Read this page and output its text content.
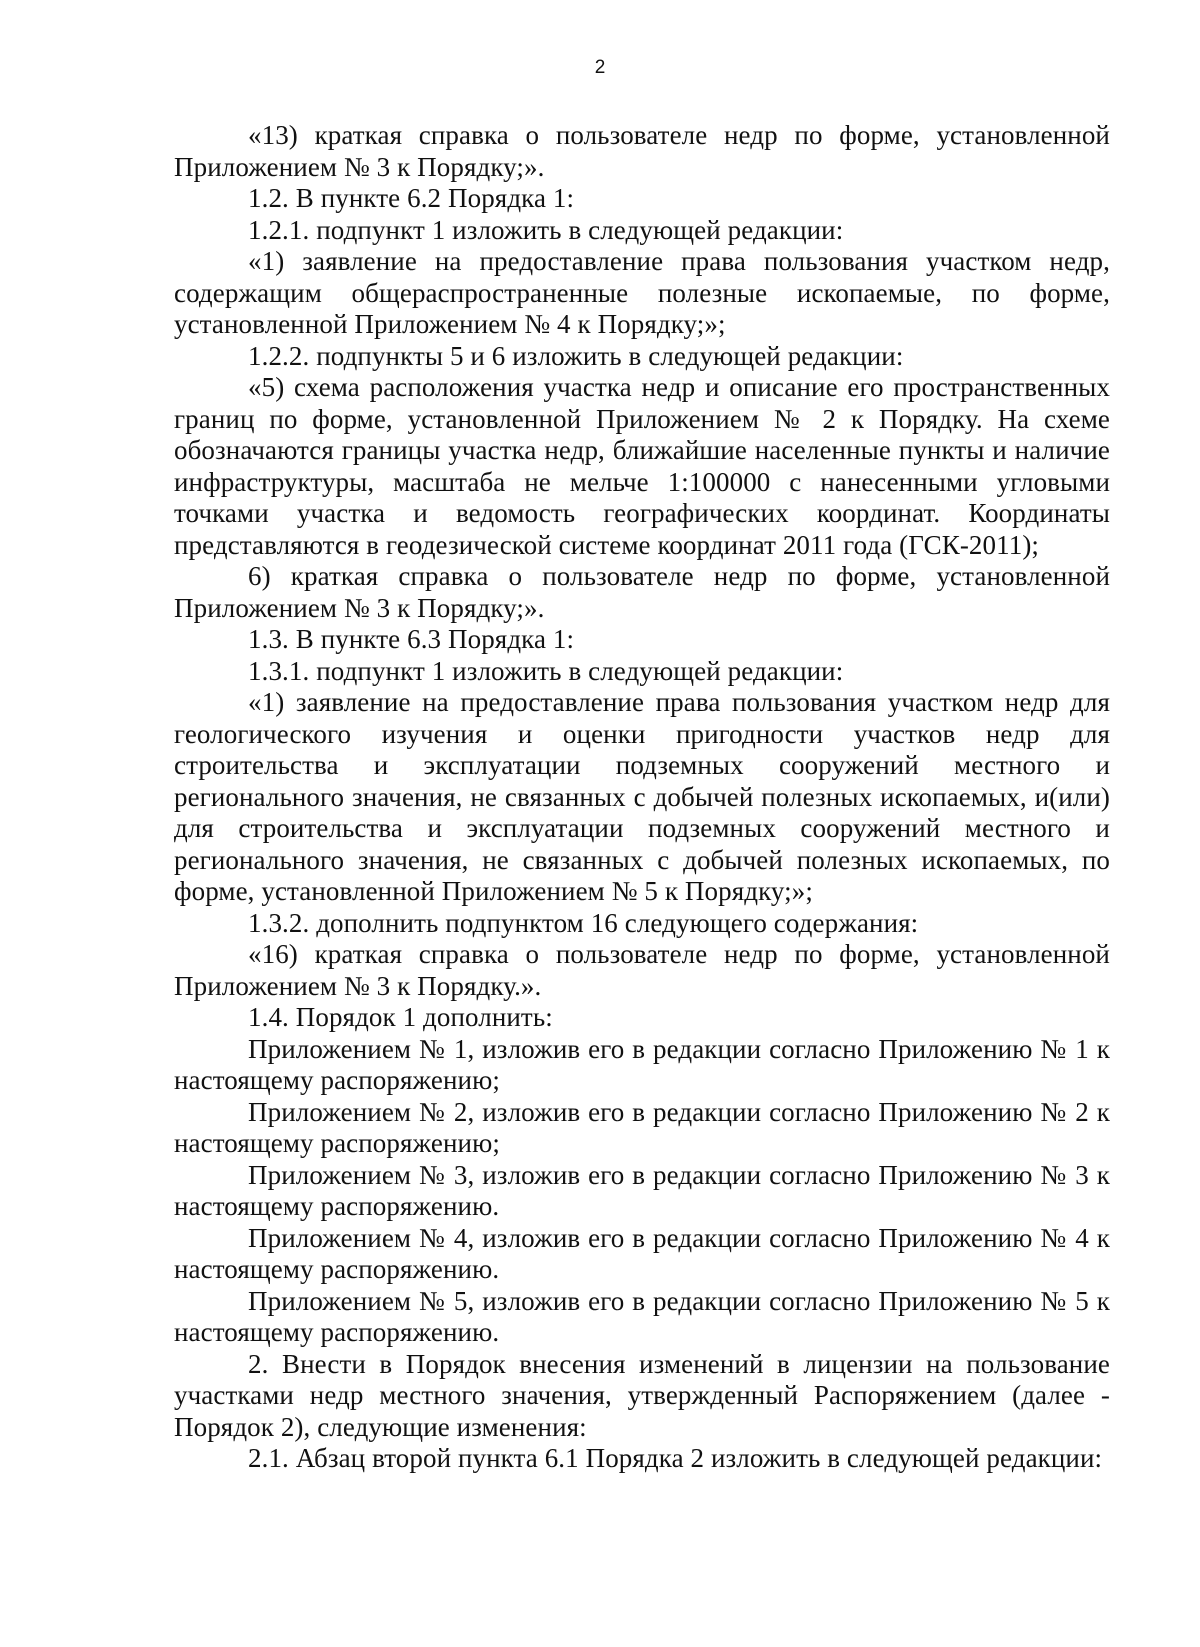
2

«13) краткая справка о пользователе недр по форме, установленной Приложением № 3 к Порядку;».

1.2. В пункте 6.2 Порядка 1:

1.2.1. подпункт 1 изложить в следующей редакции:

«1) заявление на предоставление права пользования участком недр, содержащим общераспространенные полезные ископаемые, по форме, установленной Приложением № 4 к Порядку;»;

1.2.2. подпункты 5 и 6 изложить в следующей редакции:

«5) схема расположения участка недр и описание его пространственных границ по форме, установленной Приложением № 2 к Порядку. На схеме обозначаются границы участка недр, ближайшие населенные пункты и наличие инфраструктуры, масштаба не мельче 1:100000 с нанесенными угловыми точками участка и ведомость географических координат. Координаты представляются в геодезической системе координат 2011 года (ГСК-2011);

6) краткая справка о пользователе недр по форме, установленной Приложением № 3 к Порядку;».

1.3. В пункте 6.3 Порядка 1:

1.3.1. подпункт 1 изложить в следующей редакции:

«1) заявление на предоставление права пользования участком недр для геологического изучения и оценки пригодности участков недр для строительства и эксплуатации подземных сооружений местного и регионального значения, не связанных с добычей полезных ископаемых, и(или) для строительства и эксплуатации подземных сооружений местного и регионального значения, не связанных с добычей полезных ископаемых, по форме, установленной Приложением № 5 к Порядку;»;

1.3.2. дополнить подпунктом 16 следующего содержания:

«16) краткая справка о пользователе недр по форме, установленной Приложением № 3 к Порядку.».

1.4. Порядок 1 дополнить:

Приложением № 1, изложив его в редакции согласно Приложению № 1 к настоящему распоряжению;

Приложением № 2, изложив его в редакции согласно Приложению № 2 к настоящему распоряжению;

Приложением № 3, изложив его в редакции согласно Приложению № 3 к настоящему распоряжению.

Приложением № 4, изложив его в редакции согласно Приложению № 4 к настоящему распоряжению.

Приложением № 5, изложив его в редакции согласно Приложению № 5 к настоящему распоряжению.

2. Внести в Порядок внесения изменений в лицензии на пользование участками недр местного значения, утвержденный Распоряжением (далее - Порядок 2), следующие изменения:

2.1. Абзац второй пункта 6.1 Порядка 2 изложить в следующей редакции:
